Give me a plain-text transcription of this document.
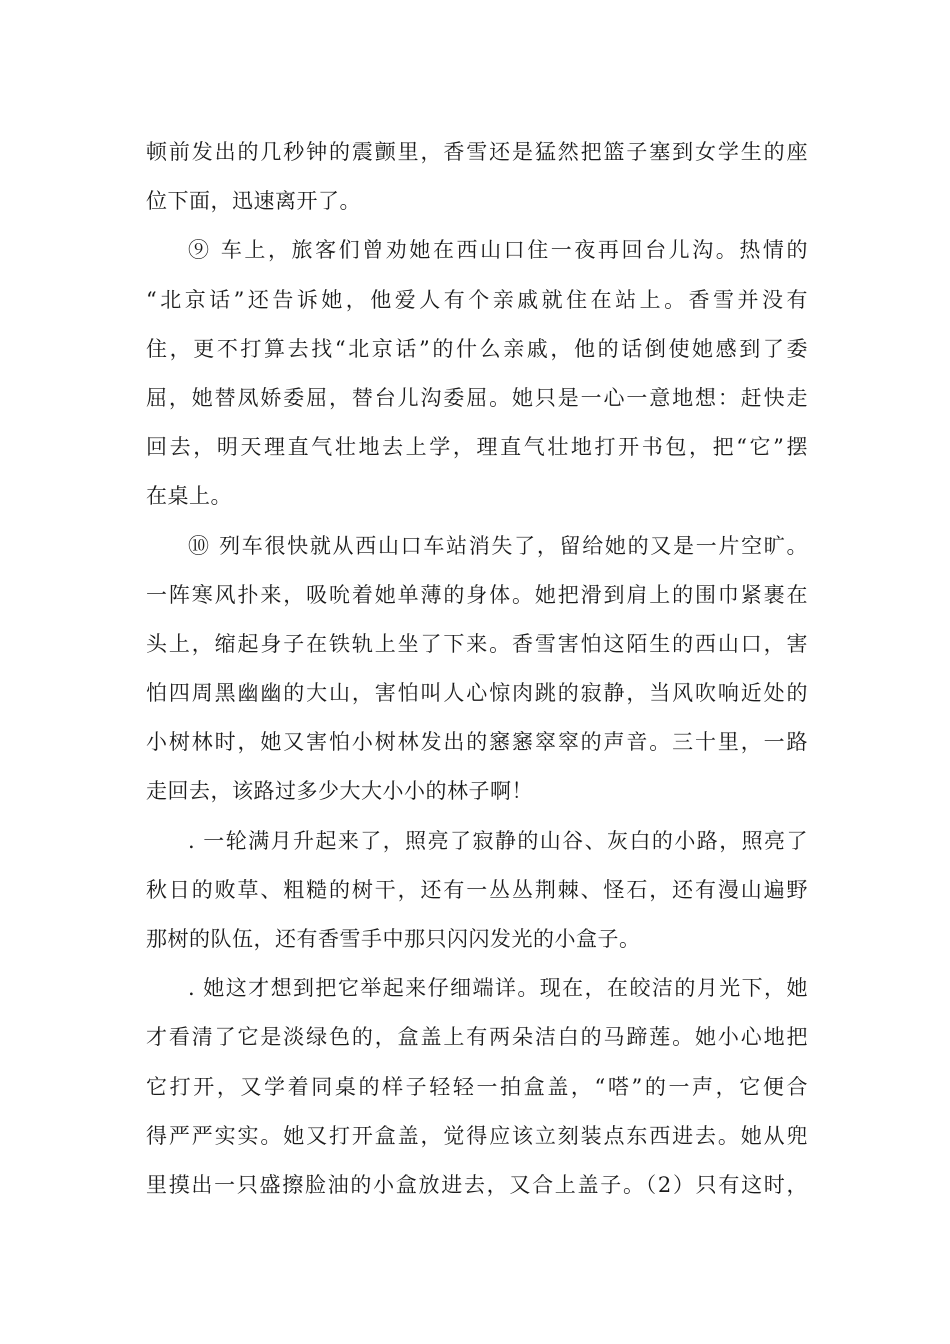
顿前发出的几秒钟的震颤里，香雪还是猛然把篮子塞到女学生的座
位下面，迅速离开了。
⑨ 车上，旅客们曾劝她在西山口住一夜再回台儿沟。热情的
“北京话”还告诉她，他爱人有个亲戚就住在站上。香雪并没有
住，更不打算去找“北京话”的什么亲戚，他的话倒使她感到了委
屈，她替凤娇委屈，替台儿沟委屈。她只是一心一意地想：赶快走
回去，明天理直气壮地去上学，理直气壮地打开书包，把“它”摆
在桌上。
⑩ 列车很快就从西山口车站消失了，留给她的又是一片空旷。
一阵寒风扑来，吸吮着她单薄的身体。她把滑到肩上的围巾紧裹在
头上，缩起身子在铁轨上坐了下来。香雪害怕这陌生的西山口，害
怕四周黑幽幽的大山，害怕叫人心惊肉跳的寂静，当风吹响近处的
小树林时，她又害怕小树林发出的窸窸窣窣的声音。三十里，一路
走回去，该路过多少大大小小的林子啊！
. 一轮满月升起来了，照亮了寂静的山谷、灰白的小路，照亮了
秋日的败草、粗糙的树干，还有一丛丛荆棘、怪石，还有漫山遍野
那树的队伍，还有香雪手中那只闪闪发光的小盒子。
. 她这才想到把它举起来仔细端详。现在，在皎洁的月光下，她
才看清了它是淡绿色的，盒盖上有两朵洁白的马蹄莲。她小心地把
它打开，又学着同桌的样子轻轻一拍盒盖，“嗒”的一声，它便合
得严严实实。她又打开盒盖，觉得应该立刻装点东西进去。她从兜
里摸出一只盛擦脸油的小盒放进去，又合上盖子。（2）只有这时，
